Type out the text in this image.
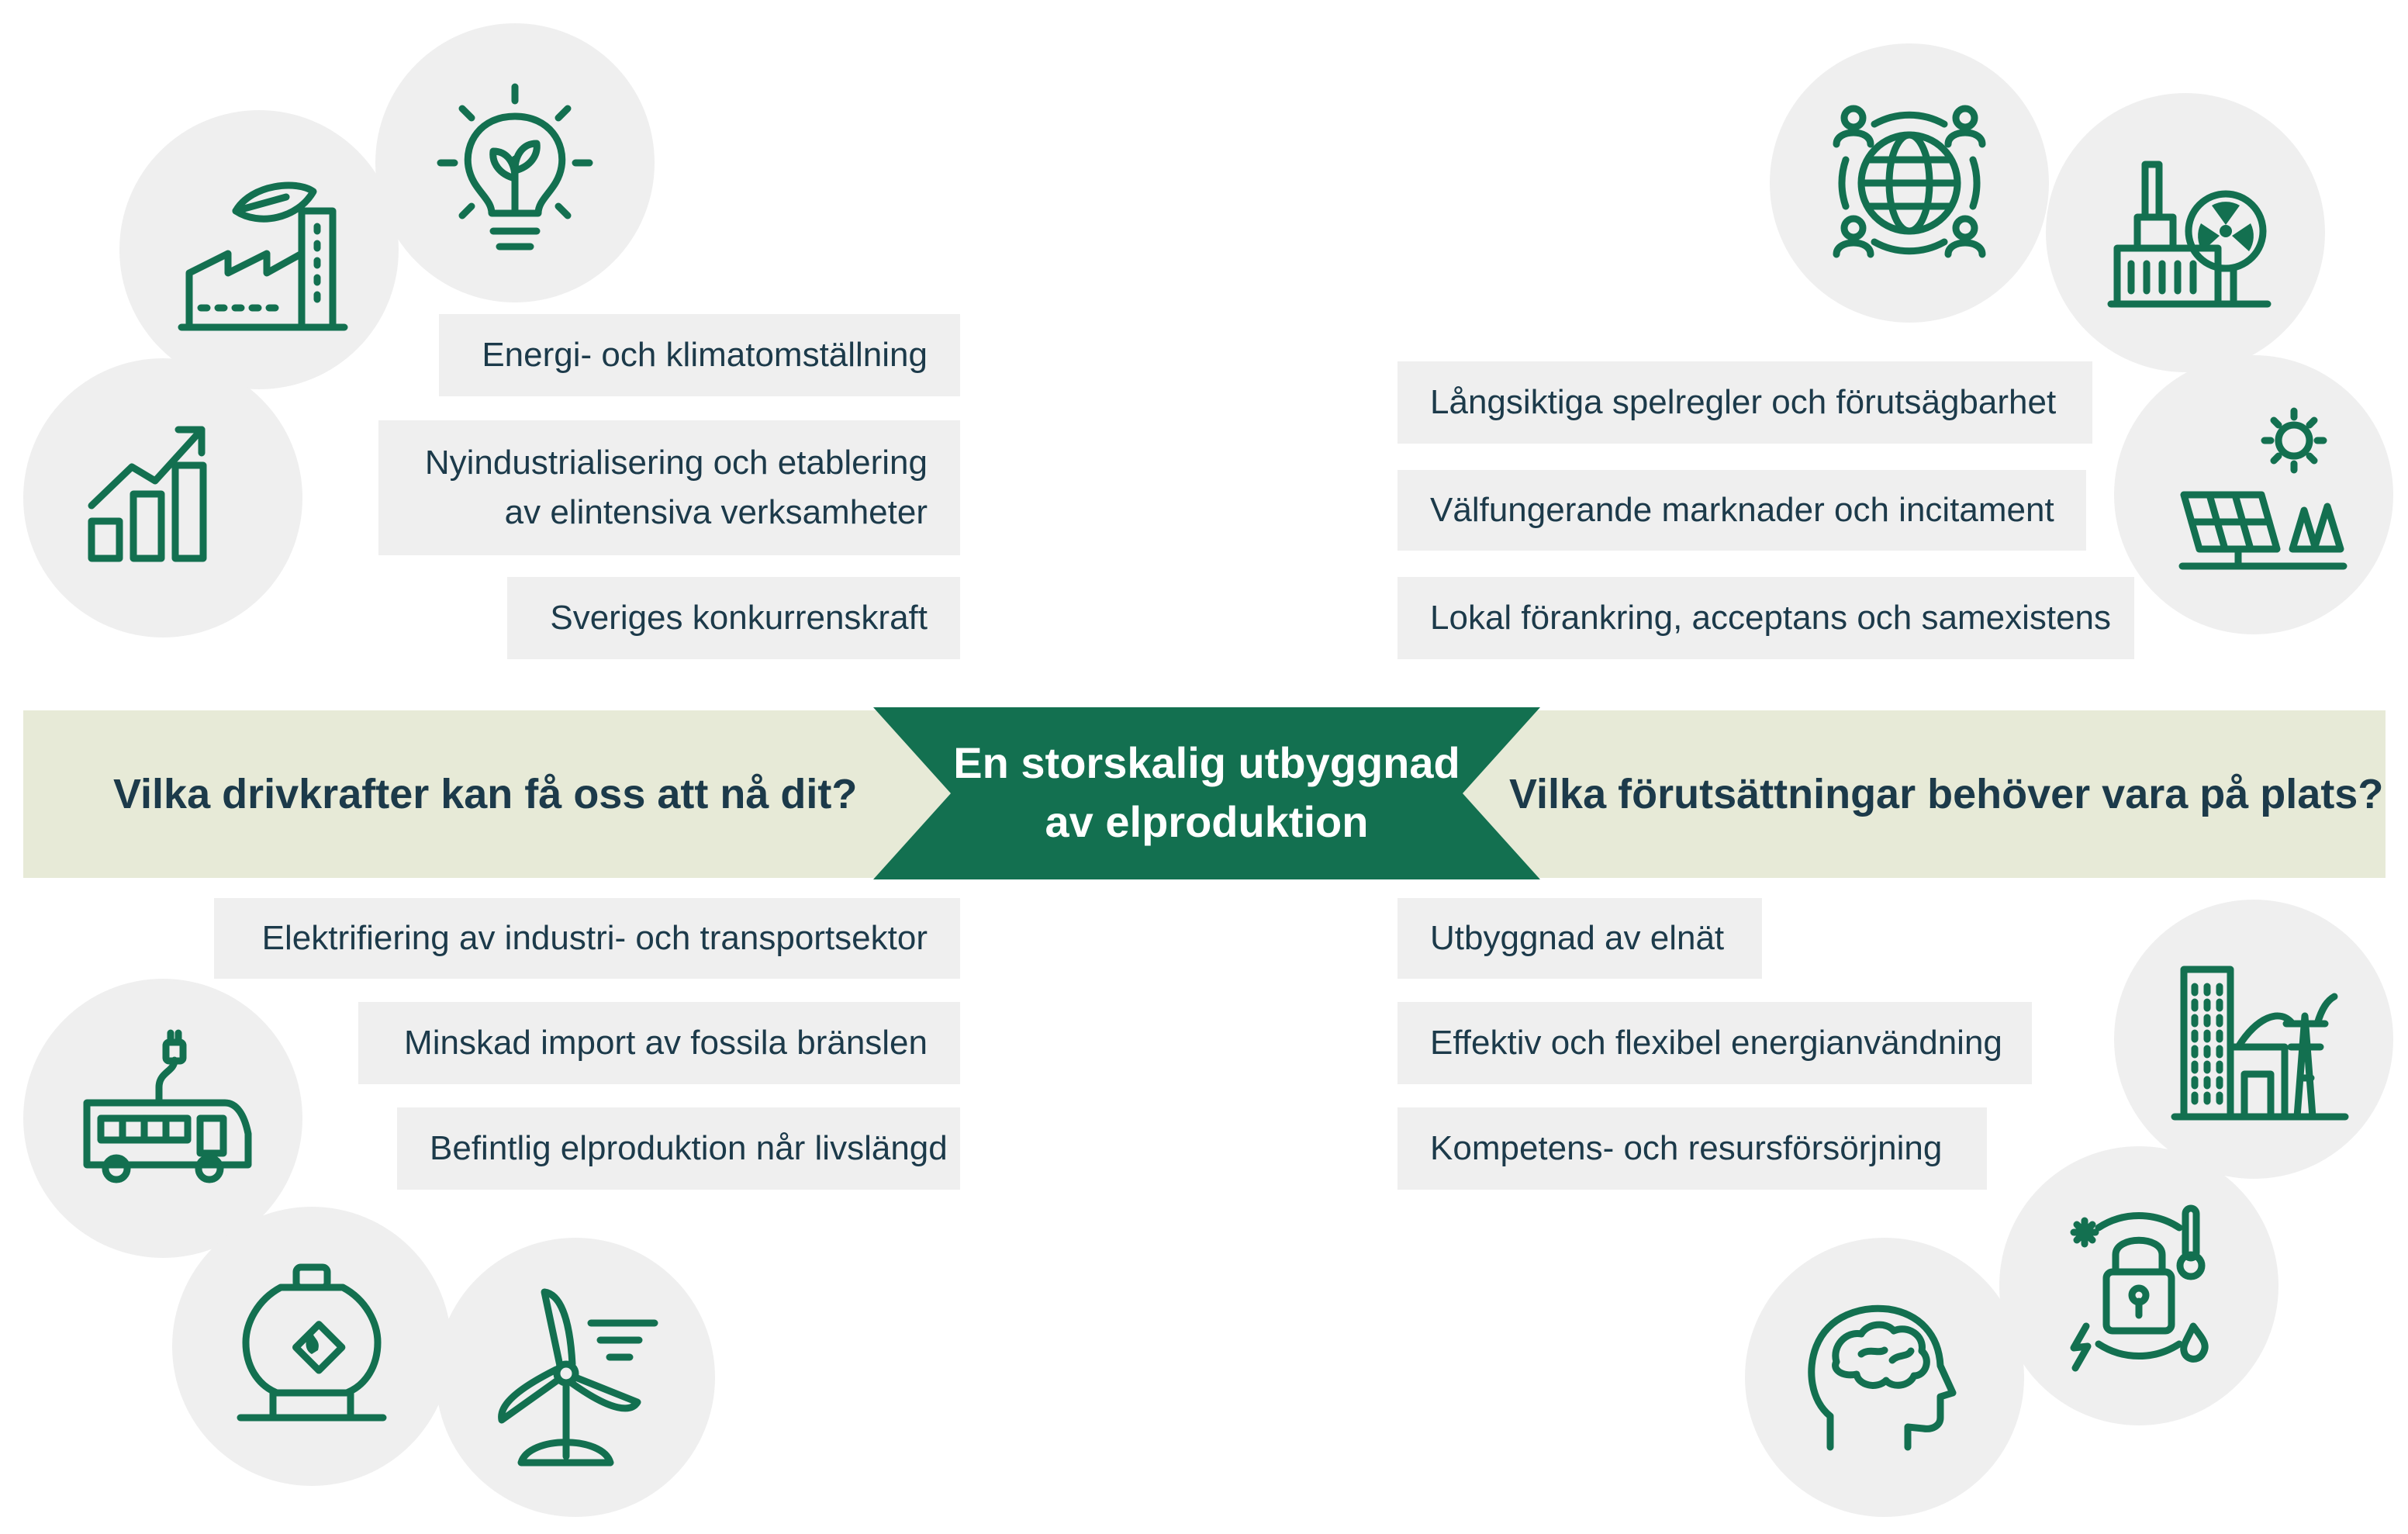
Vilka drivkrafter kan få oss att nå dit?	Vilka förutsättningar behöver vara på plats?
En storskalig utbyggnad
av elproduktion
Energi- och klimatomställning
Nyindustrialisering och etablering
av elintensiva verksamheter
Sveriges konkurrenskraft
Elektrifiering av industri- och transportsektor
Minskad import av fossila bränslen
Befintlig elproduktion når livslängd
Långsiktiga spelregler och förutsägbarhet
Välfungerande marknader och incitament
Lokal förankring, acceptans och samexistens
Utbyggnad av elnät
Effektiv och flexibel energianvändning
Kompetens- och resursförsörjning
